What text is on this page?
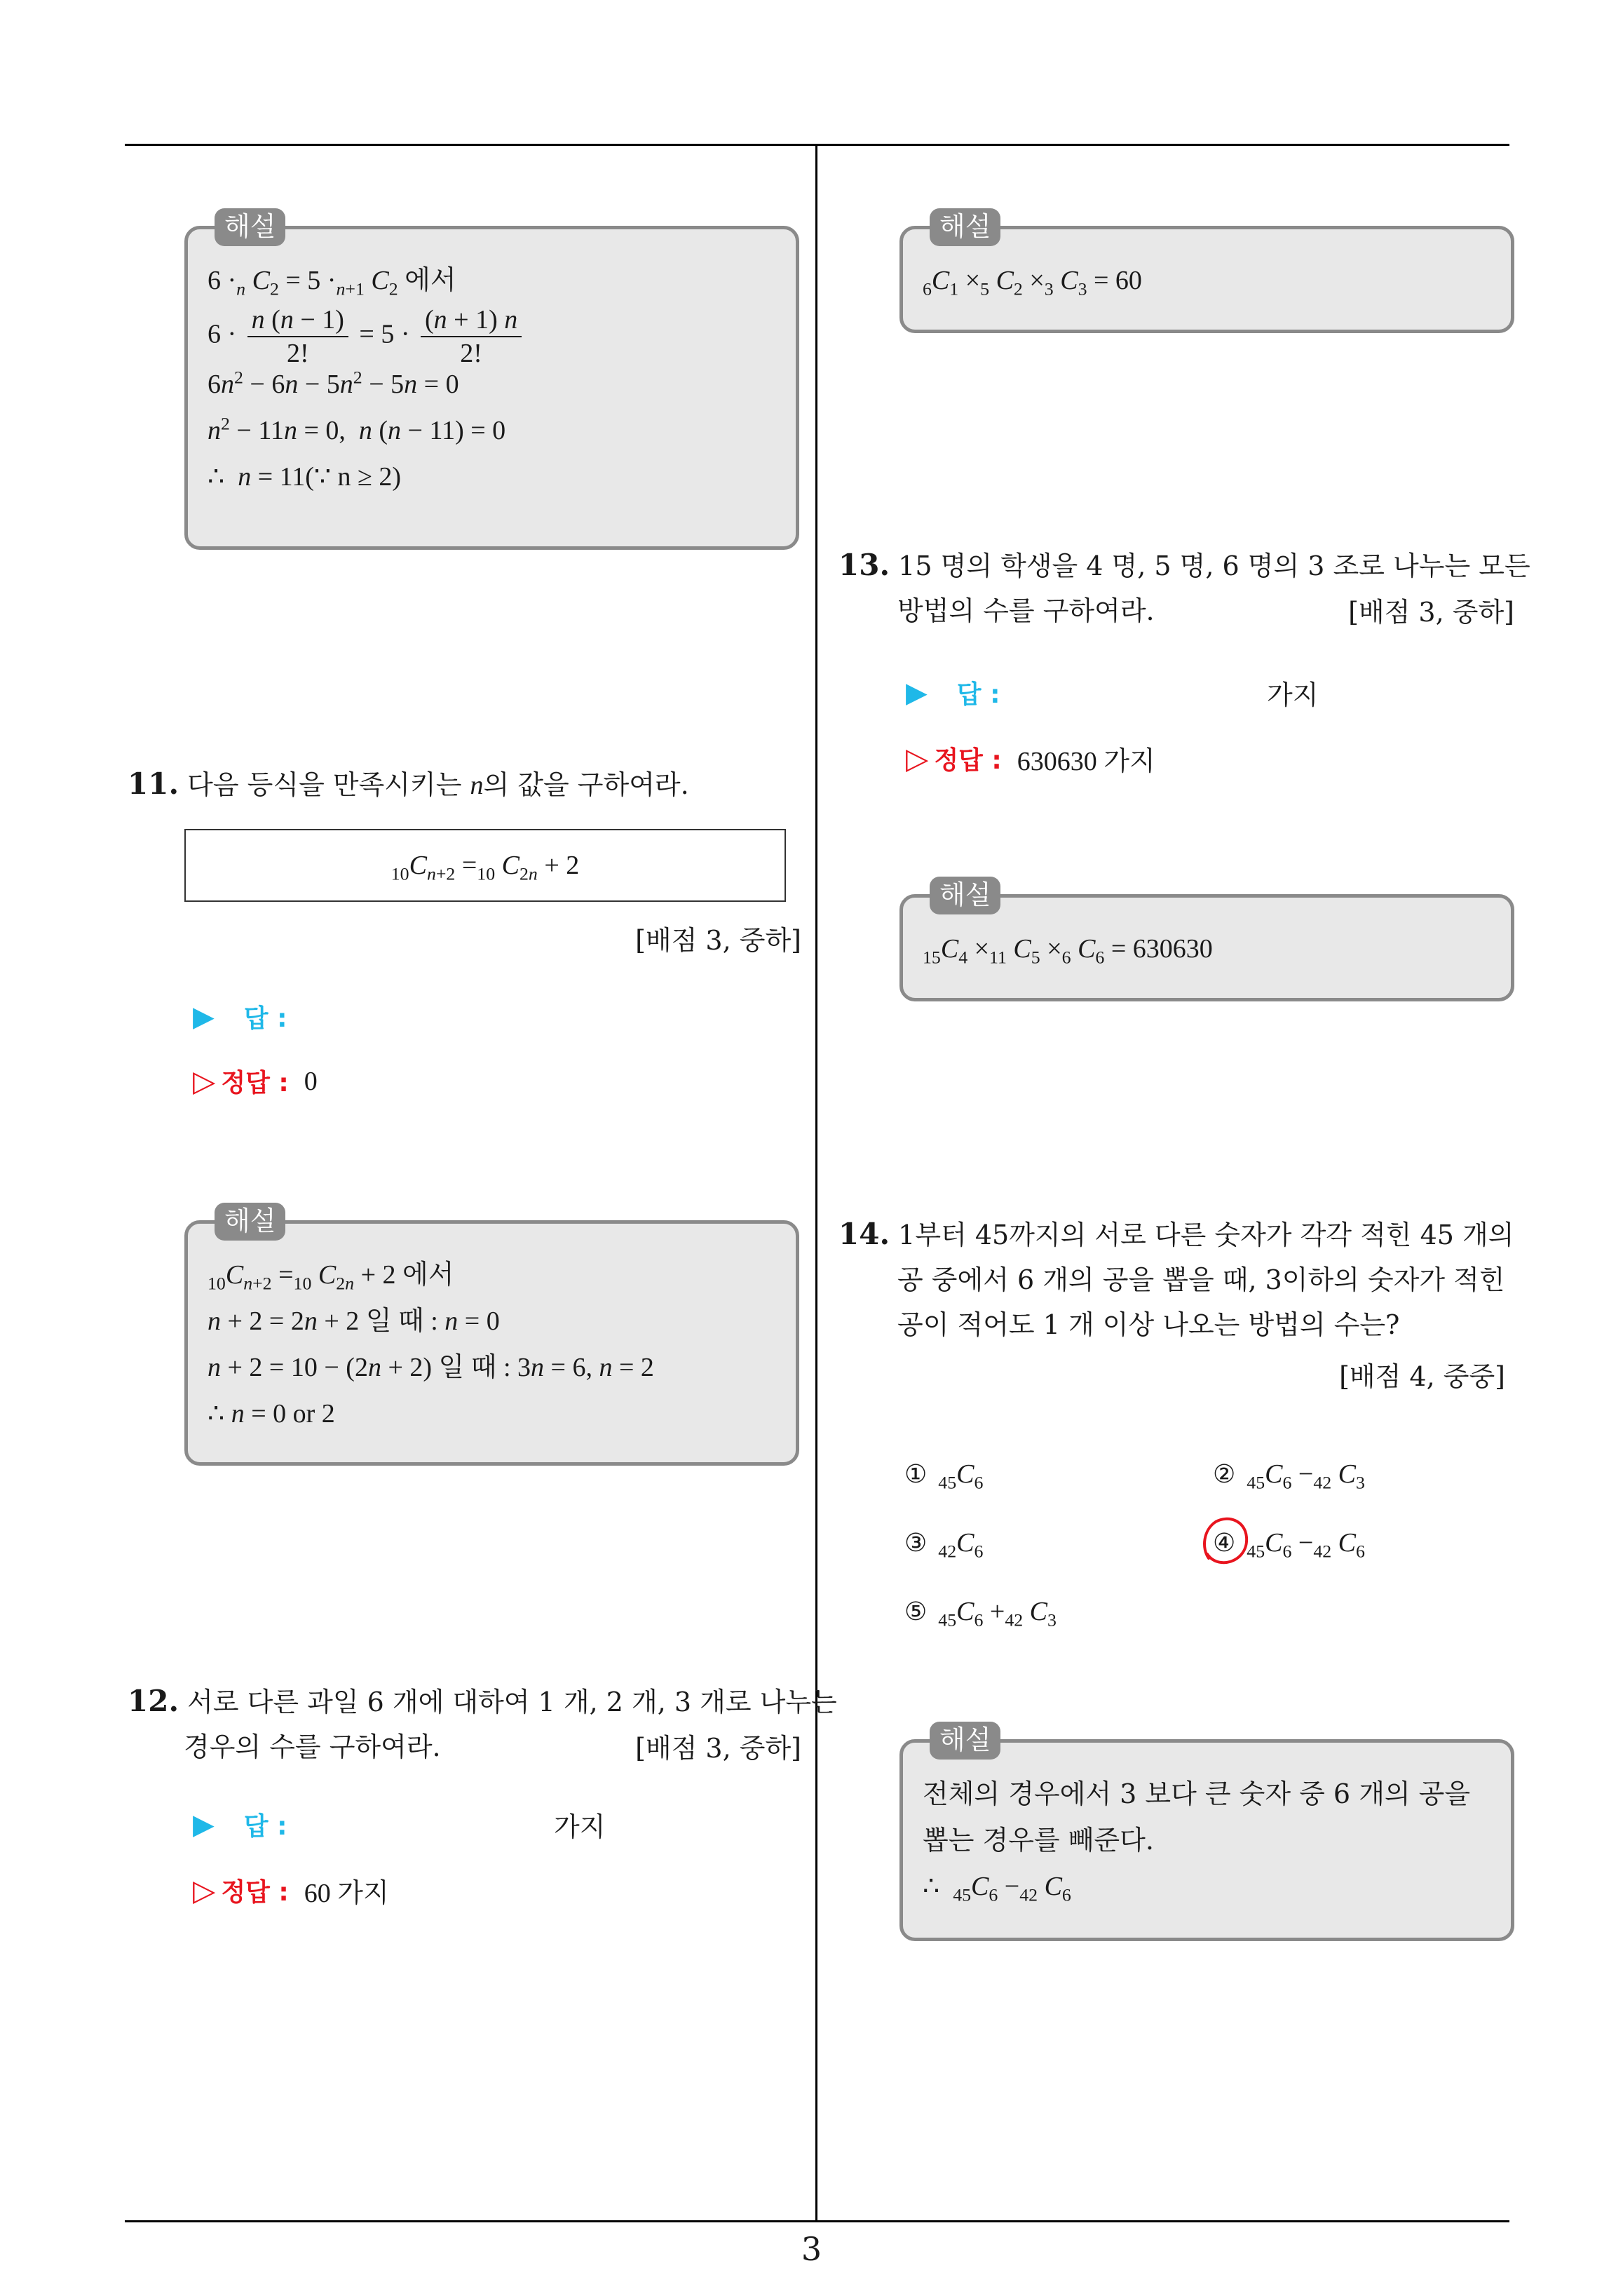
해설
$6 \cdot_n$ $C_2 = 5 \cdot_{n+1}$ $C_2$ 에서
$6 \cdot \frac{n (n - 1)}{2!} = 5 \cdot \frac{(n + 1) n}{2!}$
$6n^2 - 6n - 5n^2 - 5n = 0$
$n^2 - 11n = 0$,  n (n − 11) = 0
∴  n = 11(∵ n ≥ 2)
11. 다음 등식을 만족시키는 n의 값을 구하여라.
$_{10}C_{n+2} =_{10}$ $C_{2n} + 2$
[배점 3, 중하]
▶ 답 :
▷ 정답 : 0
해설
$_{10}C_{n+2} =_{10}$ $C_{2n} + 2$ 에서
n + 2 = 2n + 2 일 때 : n = 0
n + 2 = 10 − (2n + 2) 일 때 : 3n = 6, n = 2
∴ n = 0 or 2
12. 서로 다른 과일 6 개에 대하여 1 개, 2 개, 3 개로 나누는
경우의 수를 구하여라.	[배점 3, 중하]
▶ 답 :	가지
▷ 정답 : 60 가지
해설
$_6C_1 \times_5$ $C_2 \times_3$ $C_3 = 60$
13. 15 명의 학생을 4 명, 5 명, 6 명의 3 조로 나누는 모든
방법의 수를 구하여라.	[배점 3, 중하]
▶ 답 :	가지
▷ 정답 : 630630 가지
해설
$_{15}C_4 \times_{11}$ $C_5 \times_6$ $C_6 = 630630$
14. 1부터 45까지의 서로 다른 숫자가 각각 적힌 45 개의
공 중에서 6 개의 공을 뽑을 때, 3이하의 숫자가 적힌
공이 적어도 1 개 이상 나오는 방법의 수는?
[배점 4, 중중]
① $_{45}C_6$	② $_{45}C_6 -_{42}$ $C_3$
③ $_{42}C_6$	④ $_{45}C_6 -_{42}$ $C_6$
⑤ $_{45}C_6 +_{42}$ $C_3$
해설
전체의 경우에서 3 보다 큰 숫자 중 6 개의 공을
뽑는 경우를 빼준다.
∴ $_{45}C_6 -_{42}$ $C_6$
3
